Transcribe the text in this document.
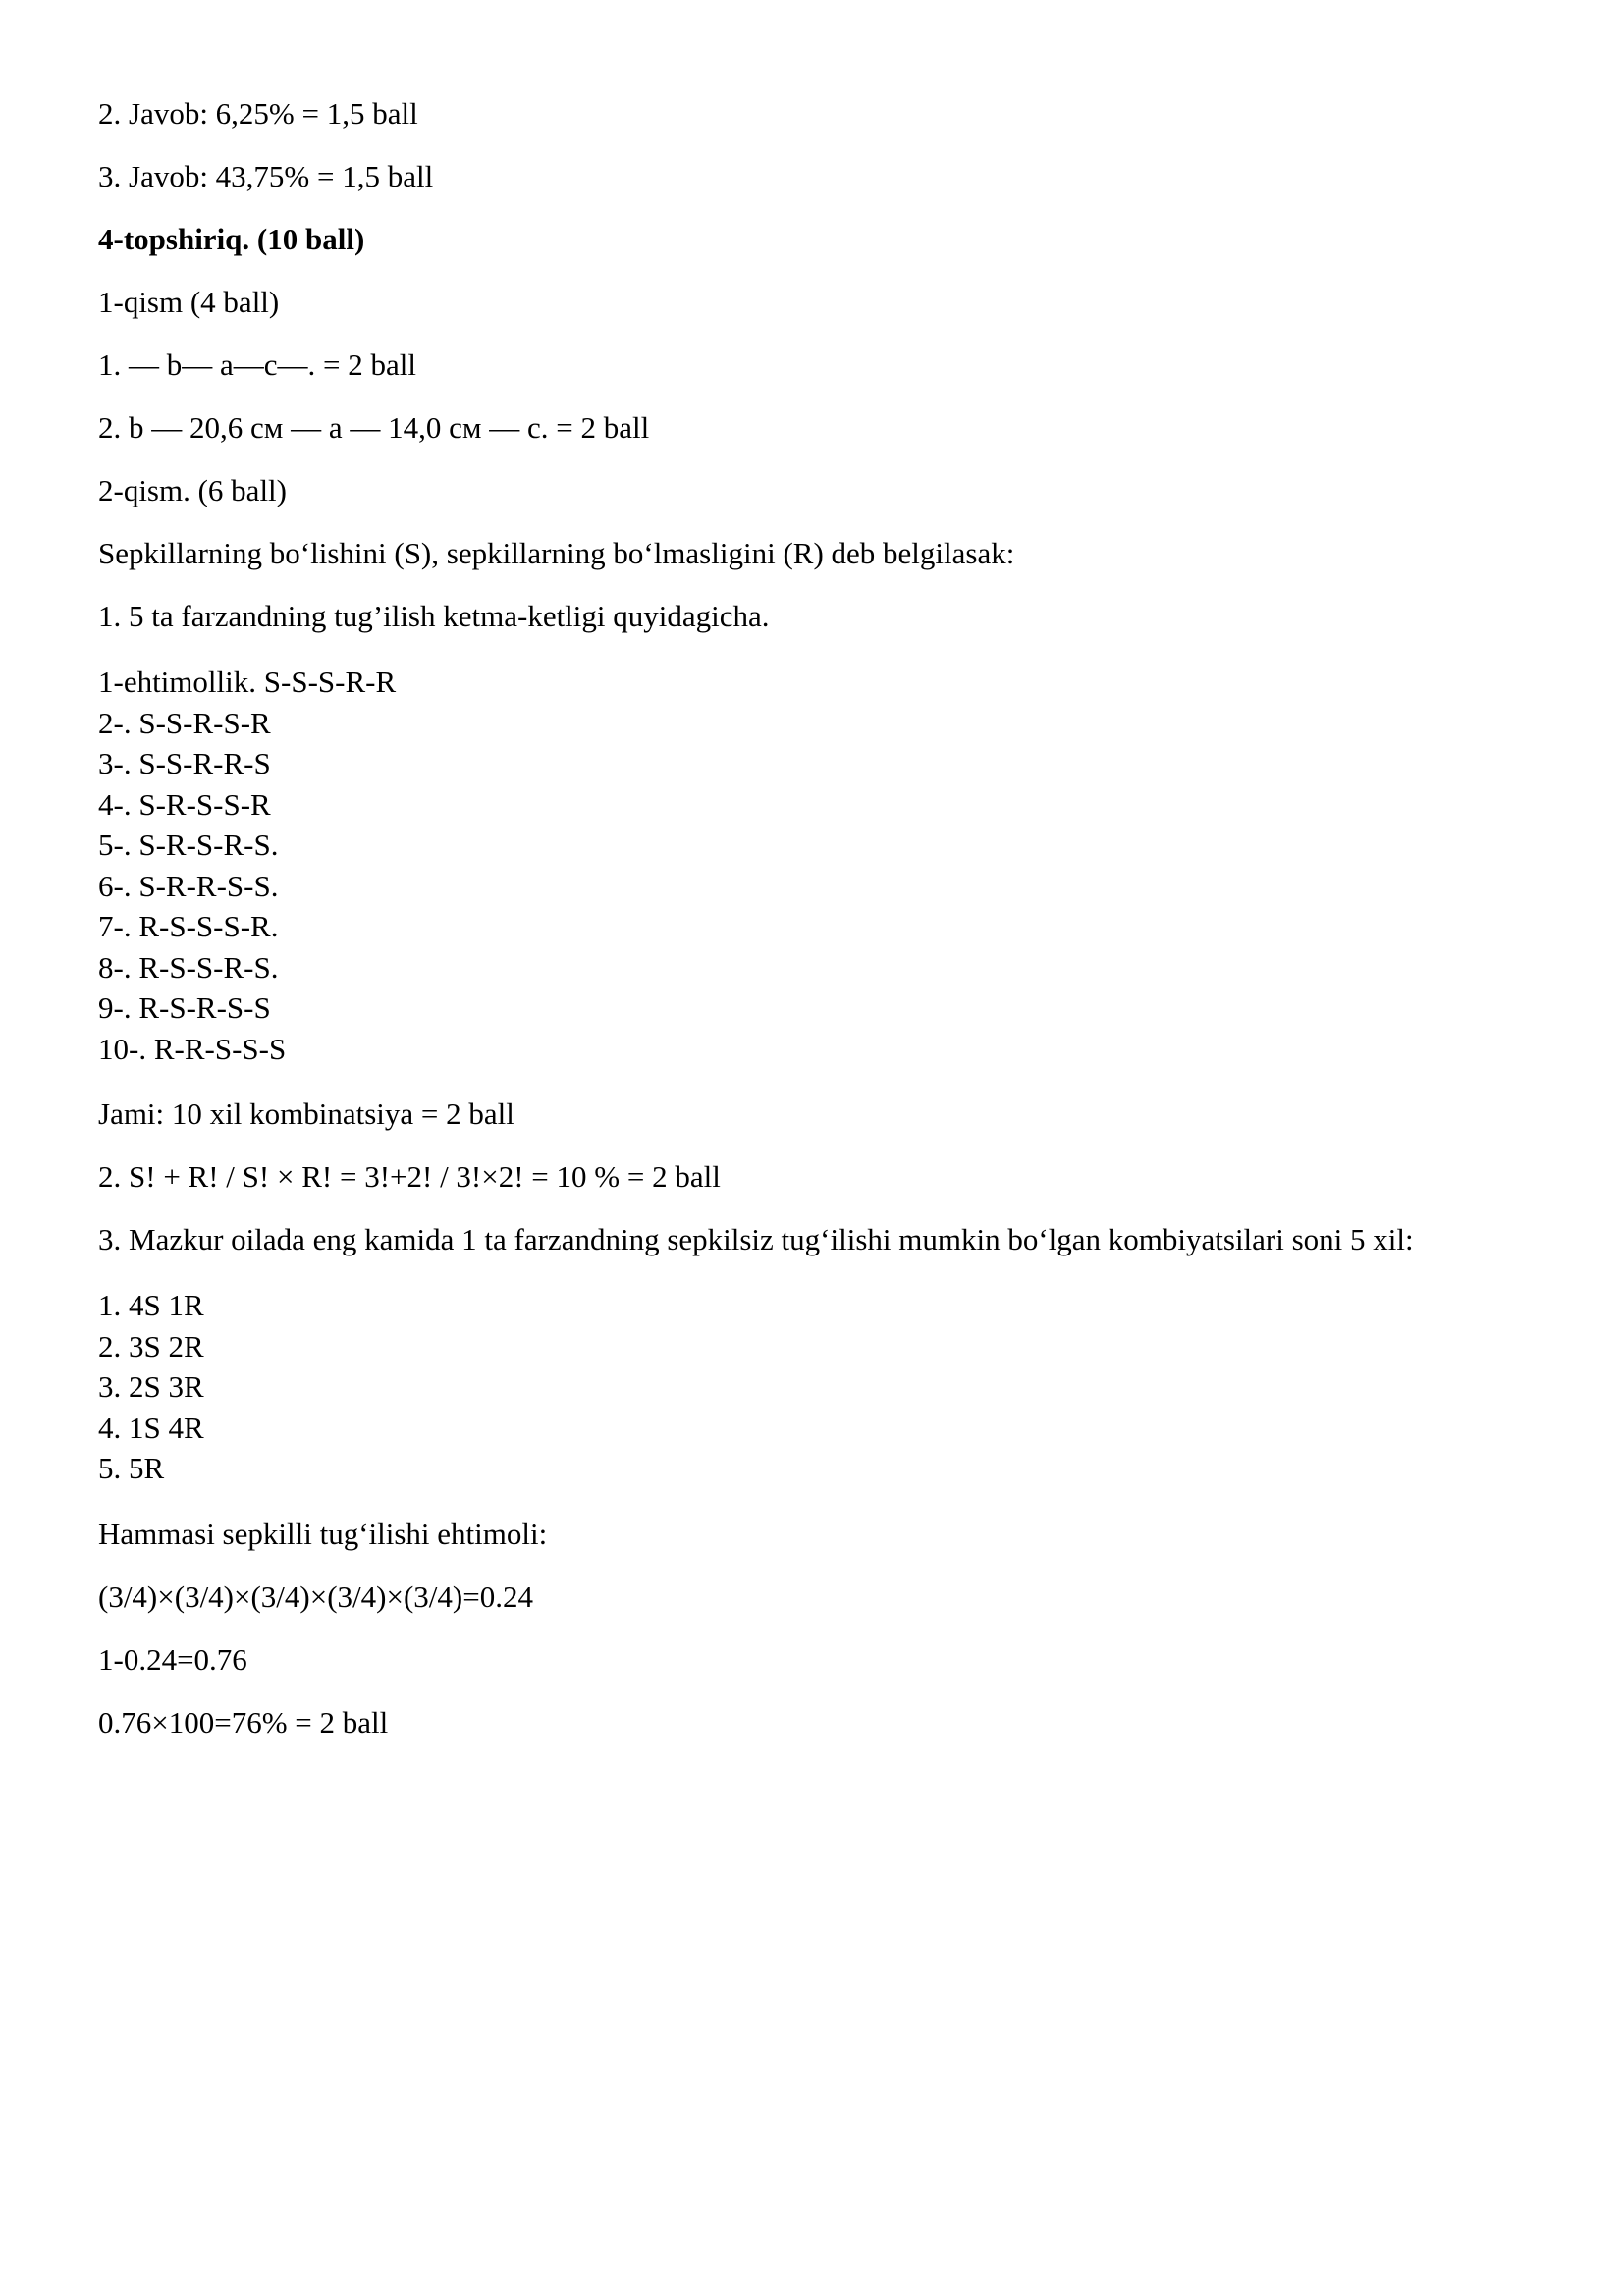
2. Javob: 6,25% = 1,5 ball

3. Javob: 43,75% = 1,5 ball

4-topshiriq. (10 ball)

1-qism (4 ball)

1. — b— a—c—. = 2 ball

2. b — 20,6 см — a — 14,0 см — c. = 2 ball

2-qism. (6 ball)

Sepkillarning bo‘lishini (S), sepkillarning bo‘lmasligini (R) deb belgilasak:

1. 5 ta farzandning tug’ilish ketma-ketligi quyidagicha.

1-ehtimollik. S-S-S-R-R
2-. S-S-R-S-R
3-. S-S-R-R-S
4-. S-R-S-S-R
5-. S-R-S-R-S.
6-. S-R-R-S-S.
7-. R-S-S-S-R.
8-. R-S-S-R-S.
9-. R-S-R-S-S
10-. R-R-S-S-S

Jami: 10 xil kombinatsiya = 2 ball

2. S! + R! / S! × R! = 3!+2! / 3!×2! = 10 % = 2 ball

3. Mazkur oilada eng kamida 1 ta farzandning sepkilsiz tug‘ilishi mumkin bo‘lgan kombiyatsilari soni 5 xil:

1. 4S 1R
2. 3S 2R
3. 2S 3R
4. 1S 4R
5. 5R

Hammasi sepkilli tug‘ilishi ehtimoli:

(3/4)×(3/4)×(3/4)×(3/4)×(3/4)=0.24

1-0.24=0.76

0.76×100=76% = 2 ball
